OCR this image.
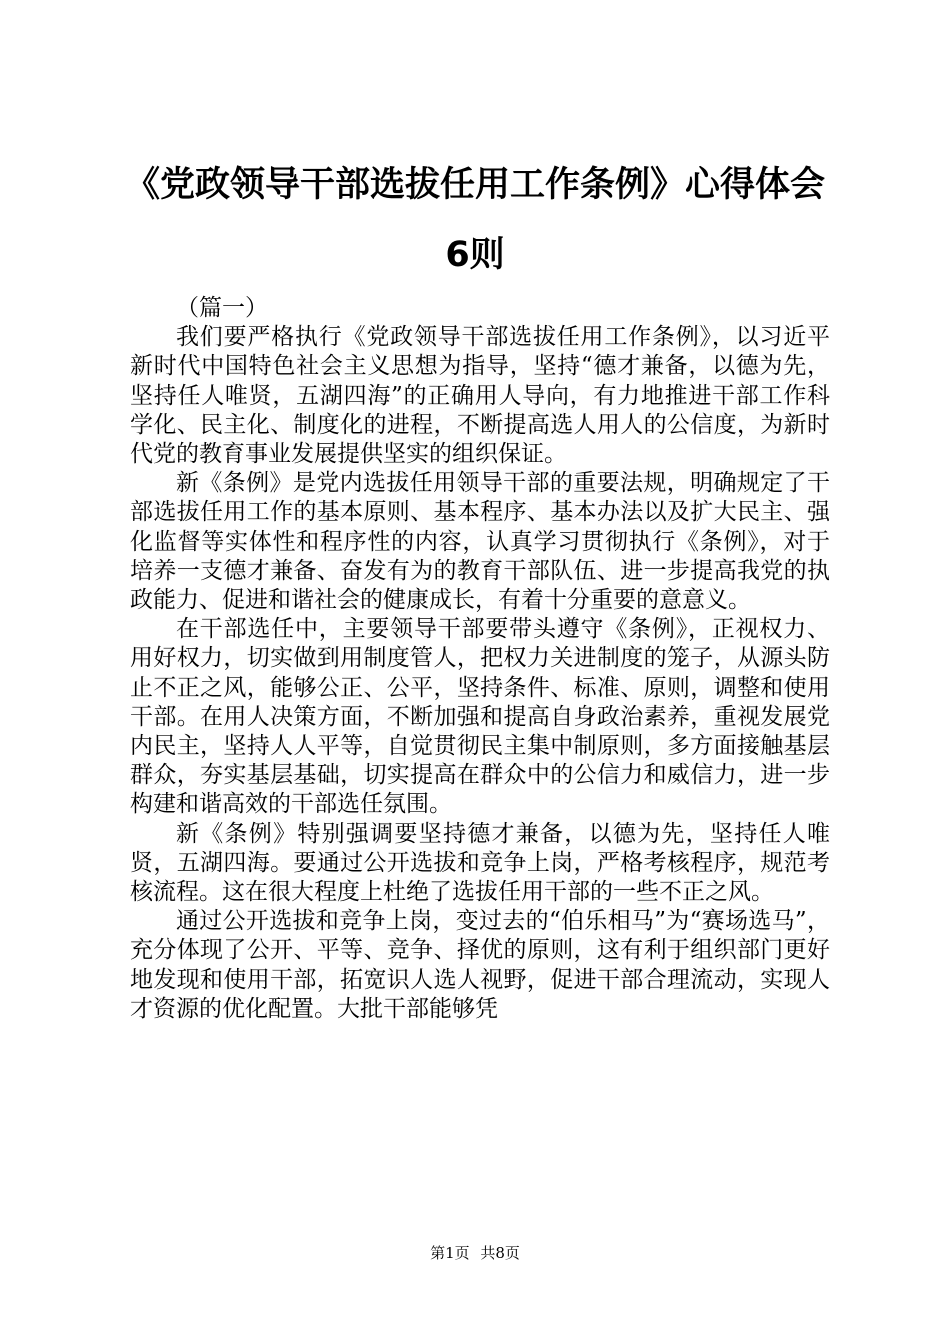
《党政领导干部选拔任用工作条例》心得体会
6则
（篇一）

我们要严格执行《党政领导干部选拔任用工作条例》，以习近平新时代中国特色社会主义思想为指导，坚持“德才兼备，以德为先，坚持任人唯贤，五湖四海”的正确用人导向，有力地推进干部工作科学化、民主化、制度化的进程，不断提高选人用人的公信度，为新时代党的教育事业发展提供坚实的组织保证。

新《条例》是党内选拔任用领导干部的重要法规，明确规定了干部选拔任用工作的基本原则、基本程序、基本办法以及扩大民主、强化监督等实体性和程序性的内容，认真学习贯彻执行《条例》，对于培养一支德才兼备、奋发有为的教育干部队伍、进一步提高我党的执政能力、促进和谐社会的健康成长，有着十分重要的意意义。

在干部选任中，主要领导干部要带头遵守《条例》，正视权力、用好权力，切实做到用制度管人，把权力关进制度的笼子，从源头防止不正之风，能够公正、公平，坚持条件、标准、原则，调整和使用干部。在用人决策方面，不断加强和提高自身政治素养，重视发展党内民主，坚持人人平等，自觉贯彻民主集中制原则，多方面接触基层群众，夯实基层基础，切实提高在群众中的公信力和威信力，进一步构建和谐高效的干部选任氛围。

新《条例》特别强调要坚持德才兼备，以德为先，坚持任人唯贤，五湖四海。要通过公开选拔和竞争上岗，严格考核程序，规范考核流程。这在很大程度上杜绝了选拔任用干部的一些不正之风。

通过公开选拔和竞争上岗，变过去的“伯乐相马”为“赛场选马”，充分体现了公开、平等、竞争、择优的原则，这有利于组织部门更好地发现和使用干部，拓宽识人选人视野，促进干部合理流动，实现人才资源的优化配置。大批干部能够凭

第1页 共8页
